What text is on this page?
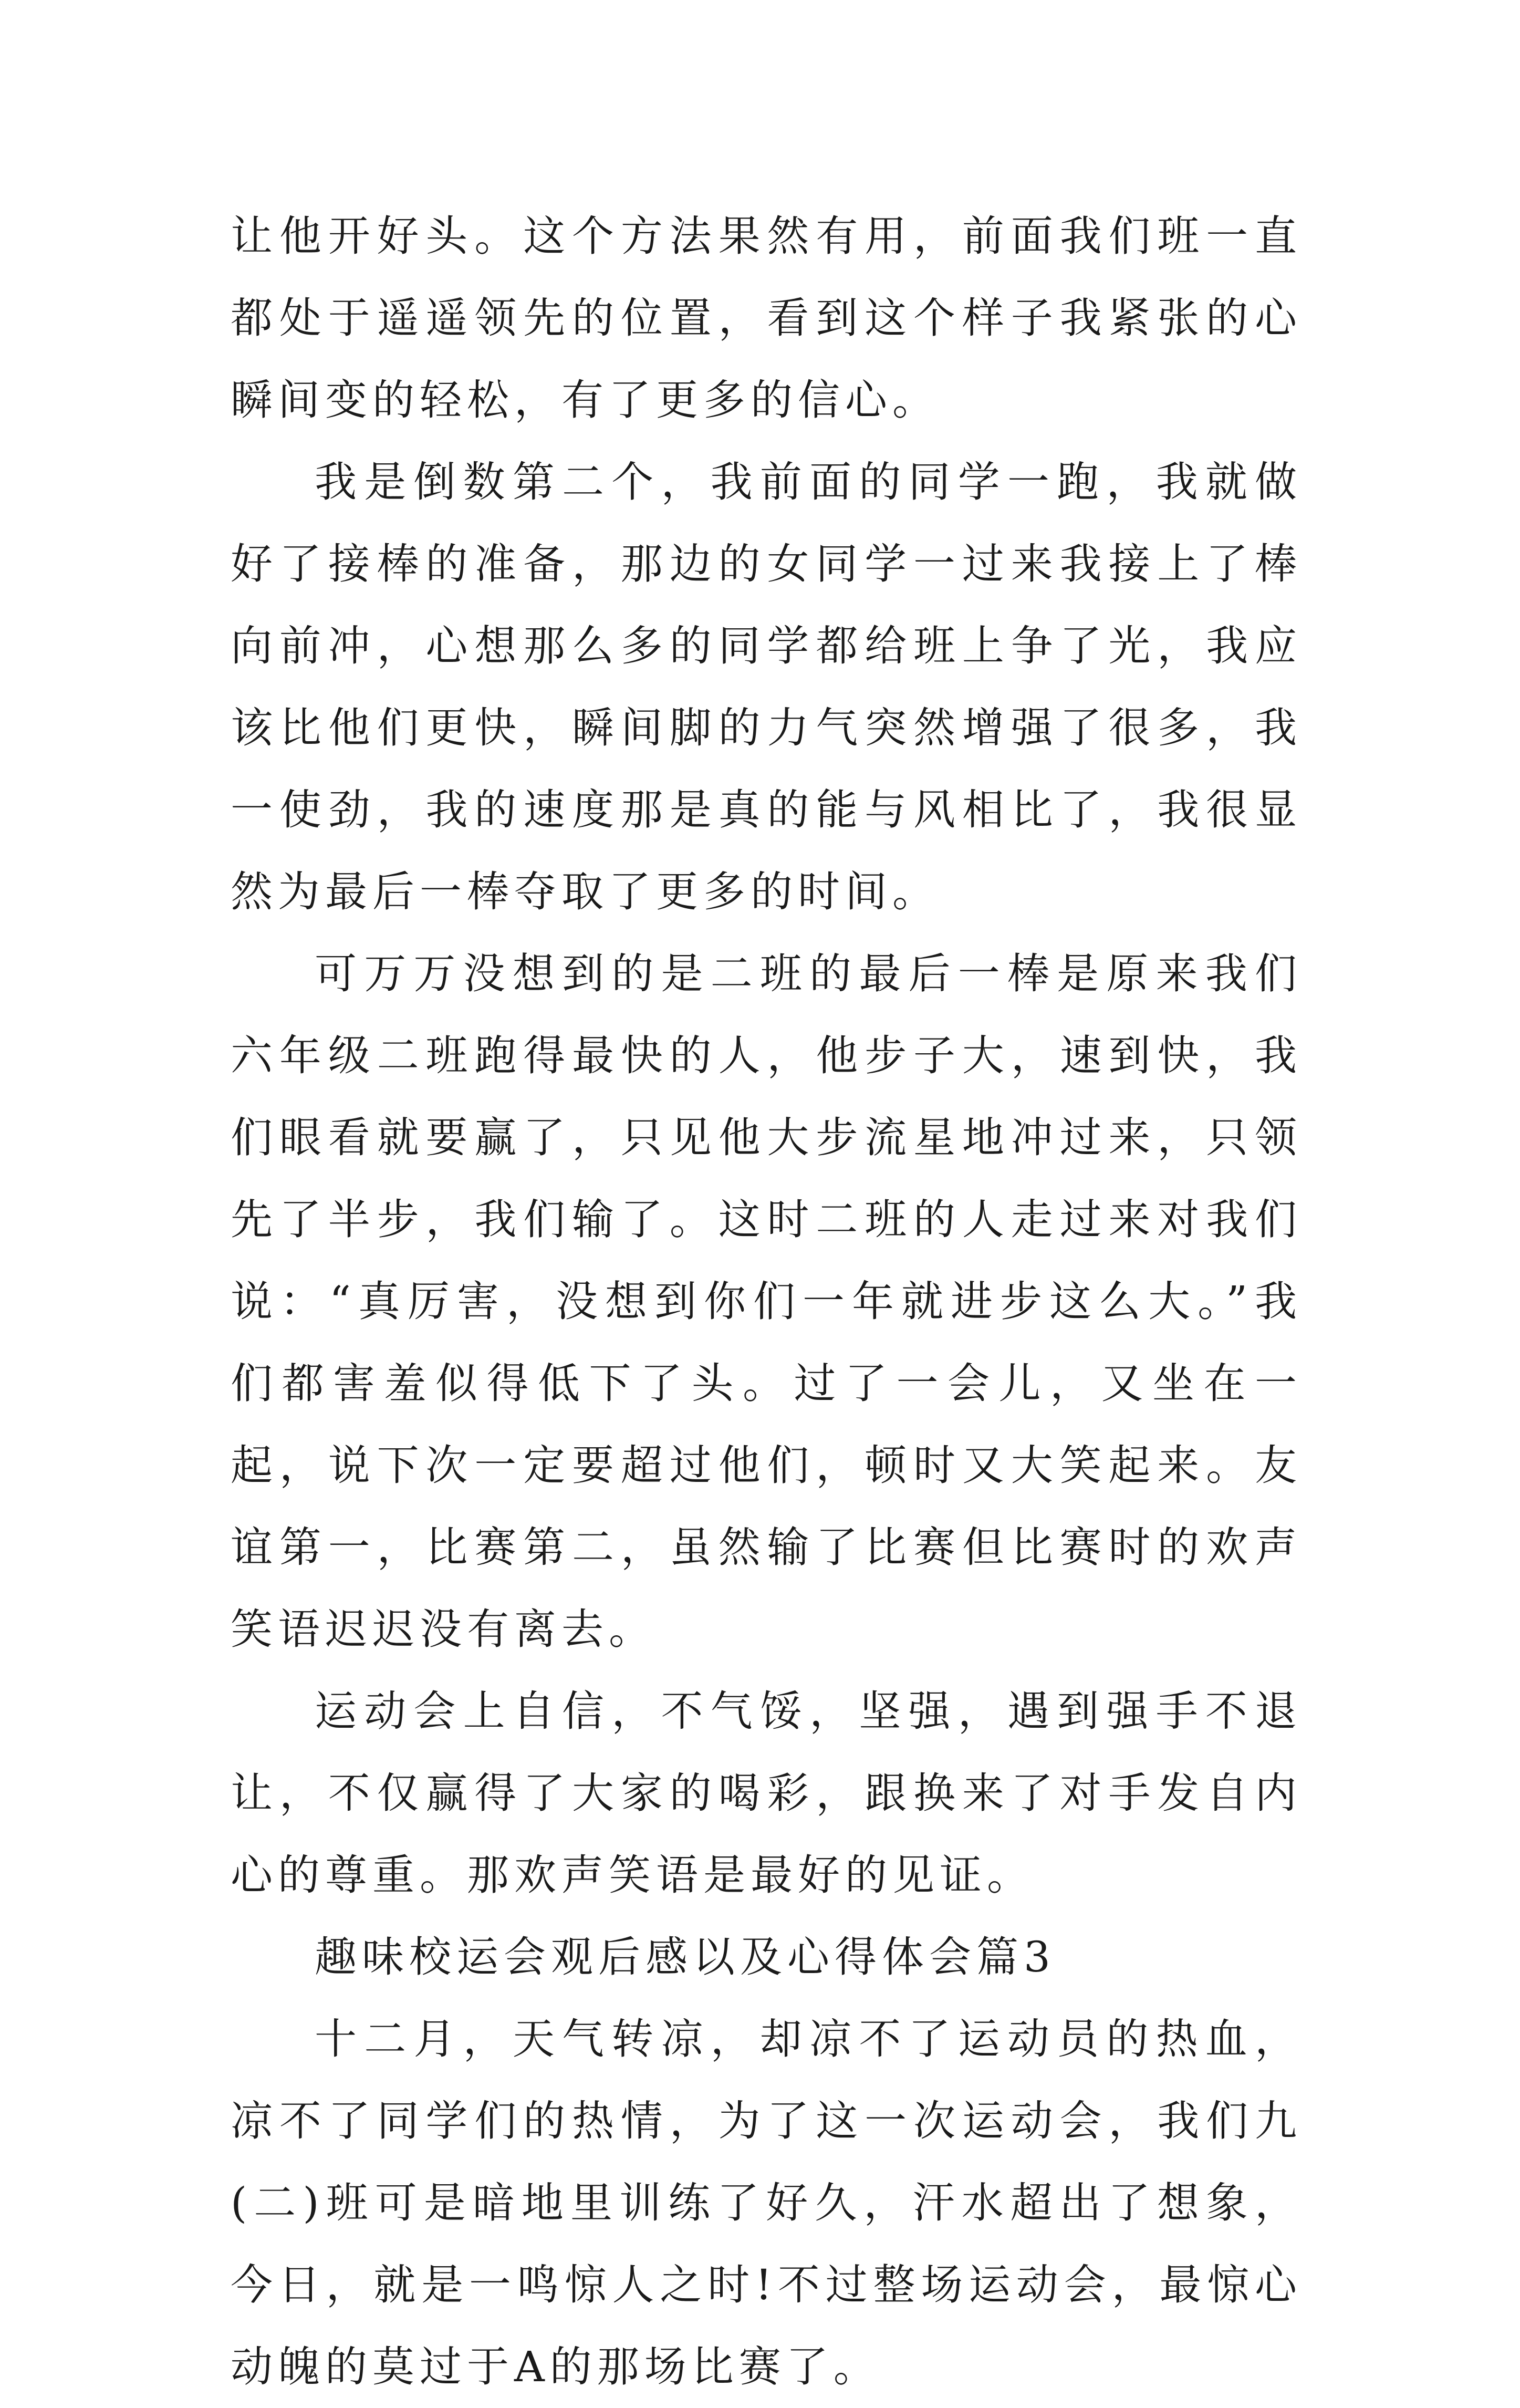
让他开好头。这个方法果然有用，前面我们班一直都处于遥遥领先的位置，看到这个样子我紧张的心瞬间变的轻松，有了更多的信心。

我是倒数第二个，我前面的同学一跑，我就做好了接棒的准备，那边的女同学一过来我接上了棒向前冲，心想那么多的同学都给班上争了光，我应该比他们更快，瞬间脚的力气突然增强了很多，我一使劲，我的速度那是真的能与风相比了，我很显然为最后一棒夺取了更多的时间。

可万万没想到的是二班的最后一棒是原来我们六年级二班跑得最快的人，他步子大，速到快，我们眼看就要赢了，只见他大步流星地冲过来，只领先了半步，我们输了。这时二班的人走过来对我们说：“真厉害，没想到你们一年就进步这么大。”我们都害羞似得低下了头。过了一会儿，又坐在一起，说下次一定要超过他们，顿时又大笑起来。友谊第一，比赛第二，虽然输了比赛但比赛时的欢声笑语迟迟没有离去。

运动会上自信，不气馁，坚强，遇到强手不退让，不仅赢得了大家的喝彩，跟换来了对手发自内心的尊重。那欢声笑语是最好的见证。

趣味校运会观后感以及心得体会篇3

十二月，天气转凉，却凉不了运动员的热血，凉不了同学们的热情，为了这一次运动会，我们九(二)班可是暗地里训练了好久，汗水超出了想象，今日，就是一鸣惊人之时!不过整场运动会，最惊心动魄的莫过于A的那场比赛了。
